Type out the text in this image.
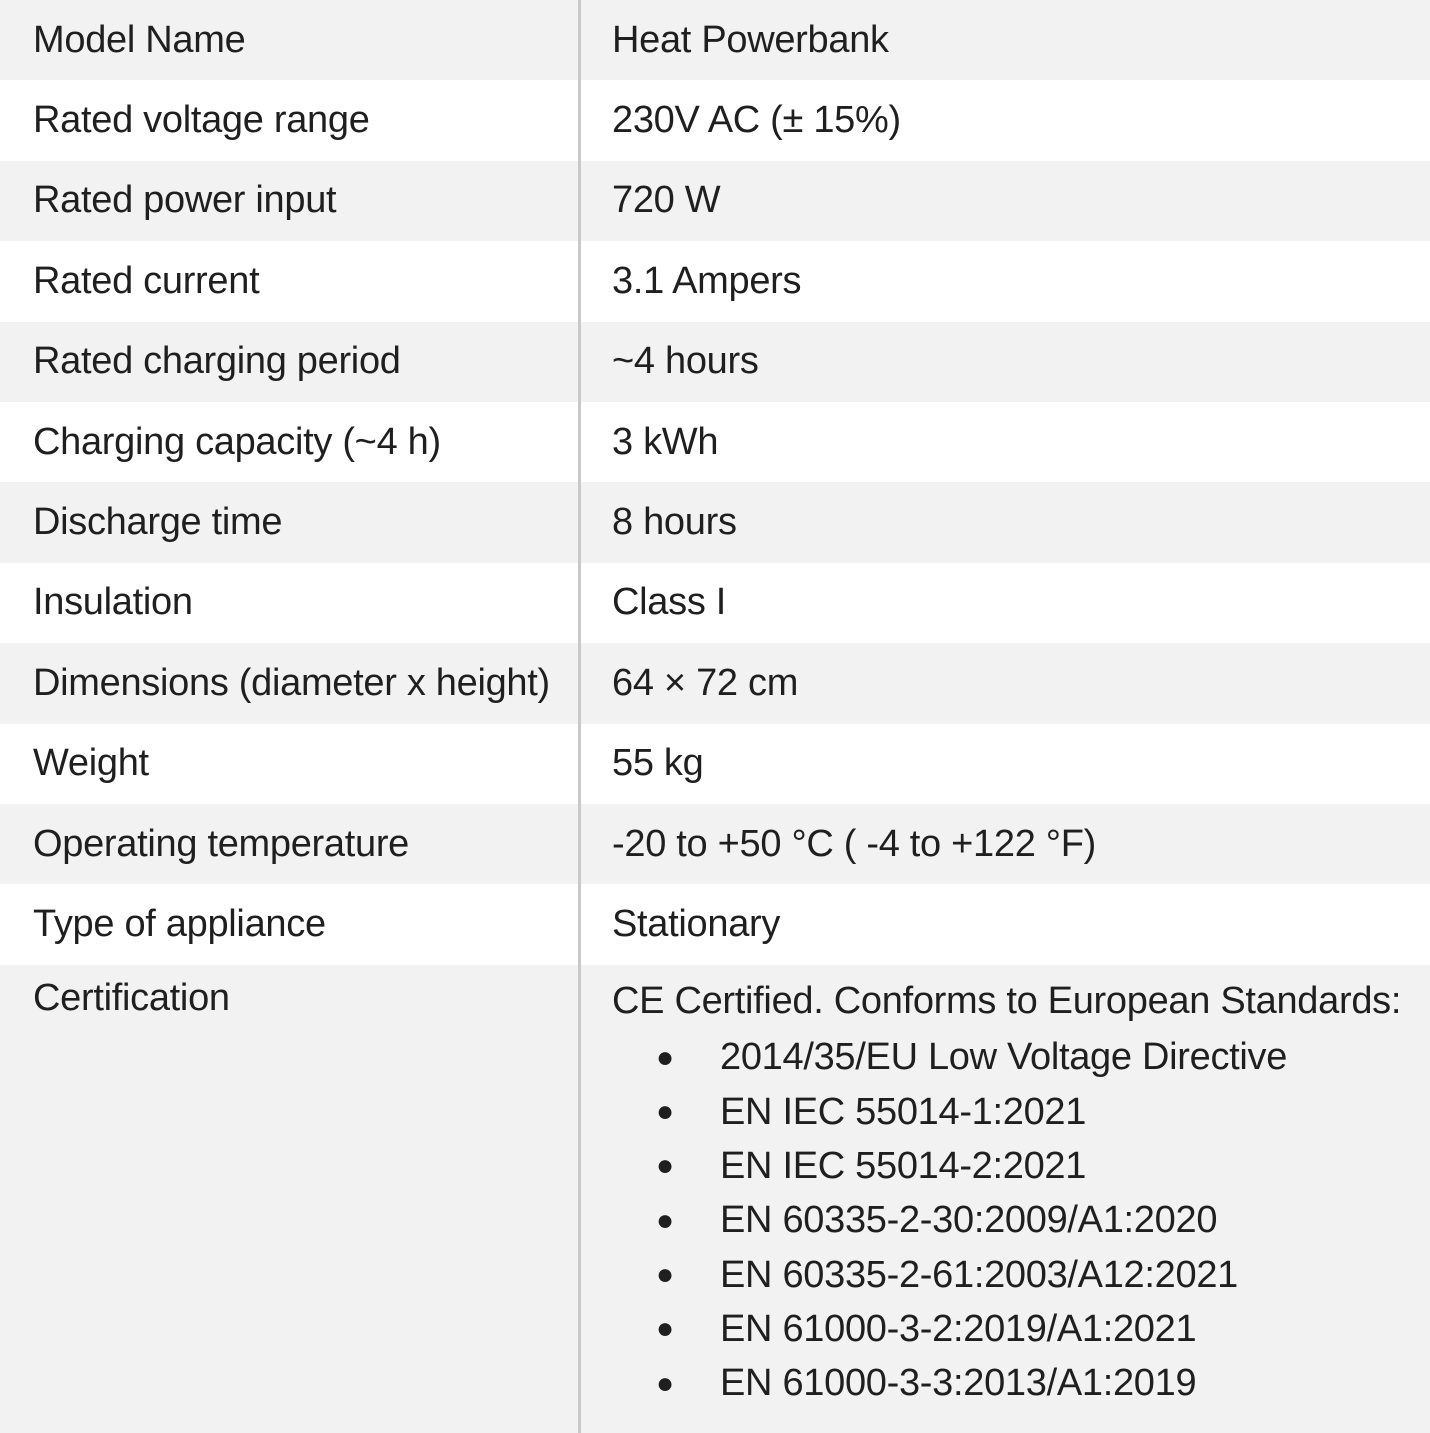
Model Name	Heat Powerbank
Rated voltage range	230V AC (± 15%)
Rated power input	720 W
Rated current	3.1 Ampers
Rated charging period	~4 hours
Charging capacity (~4 h)	3 kWh
Discharge time	8 hours
Insulation	Class I
Dimensions (diameter x height)	64 × 72 cm
Weight	55 kg
Operating temperature	-20 to +50 °C ( -4 to +122 °F)
Type of appliance	Stationary
Certification	CE Certified. Conforms to European Standards:
●	2014/35/EU Low Voltage Directive
●	EN IEC 55014-1:2021
●	EN IEC 55014-2:2021
●	EN 60335-2-30:2009/A1:2020
●	EN 60335-2-61:2003/A12:2021
●	EN 61000-3-2:2019/A1:2021
●	EN 61000-3-3:2013/A1:2019
